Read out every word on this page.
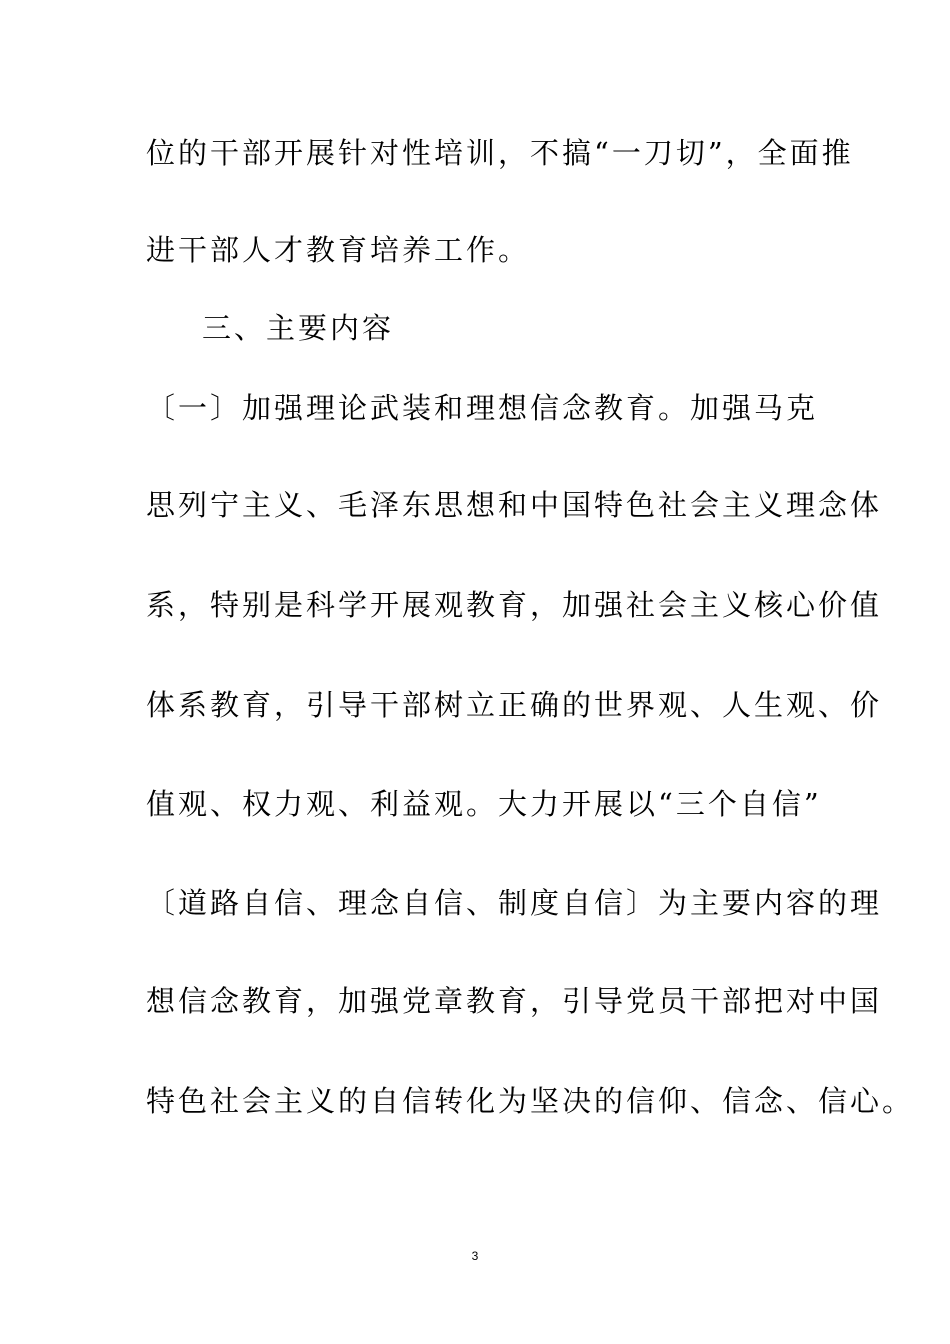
位的干部开展针对性培训，不搞“一刀切”，全面推
进干部人才教育培养工作。
三、主要内容
〔一〕加强理论武装和理想信念教育。加强马克
思列宁主义、毛泽东思想和中国特色社会主义理念体
系，特别是科学开展观教育，加强社会主义核心价值
体系教育，引导干部树立正确的世界观、人生观、价
值观、权力观、利益观。大力开展以“三个自信”
〔道路自信、理念自信、制度自信〕为主要内容的理
想信念教育，加强党章教育，引导党员干部把对中国
特色社会主义的自信转化为坚决的信仰、信念、信心。
3
